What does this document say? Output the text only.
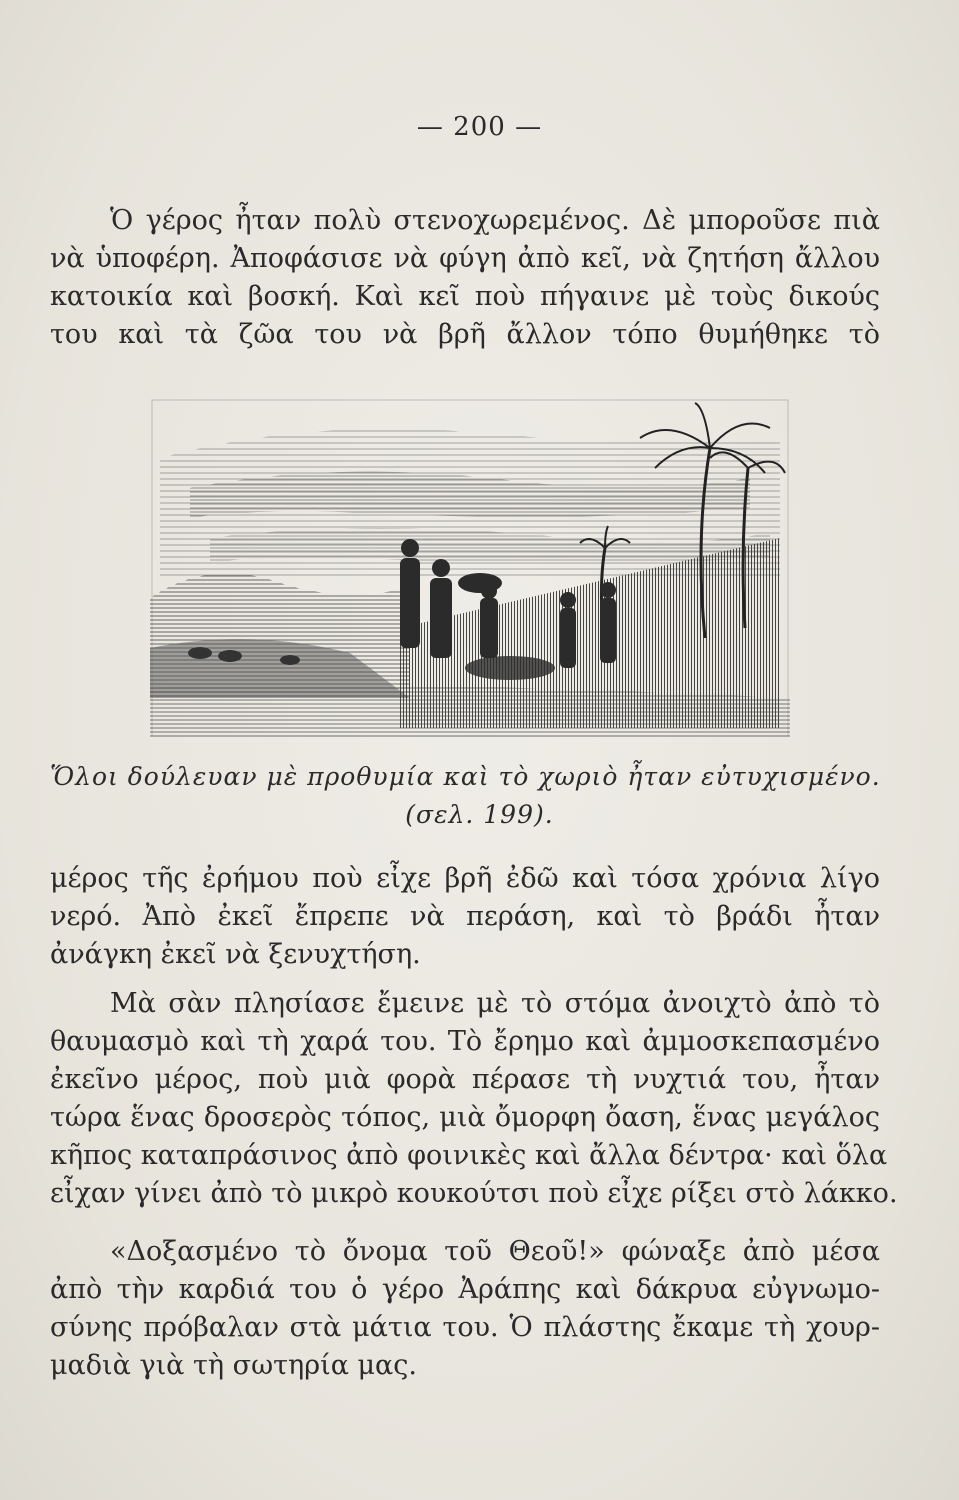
— 200 —
Ὁ γέρος ἦταν πολὺ στενοχωρεμένος. Δὲ μποροῦσε πιὰ
νὰ ὑποφέρη. Ἀποφάσισε νὰ φύγη ἀπὸ κεῖ, νὰ ζητήση ἄλλου
κατοικία καὶ βοσκή. Καὶ κεῖ ποὺ πήγαινε μὲ τοὺς δικούς
του καὶ τὰ ζῶα του νὰ βρῆ ἄλλον τόπο θυμήθηκε τὸ
Ὅλοι δούλευαν μὲ προθυμία καὶ τὸ χωριὸ ἦταν εὐτυχισμένο.
(σελ. 199).
μέρος τῆς ἐρήμου ποὺ εἶχε βρῆ ἐδῶ καὶ τόσα χρόνια λίγο
νερό. Ἀπὸ ἐκεῖ ἔπρεπε νὰ περάση, καὶ τὸ βράδι ἦταν
ἀνάγκη ἐκεῖ νὰ ξενυχτήση.
Μὰ σὰν πλησίασε ἔμεινε μὲ τὸ στόμα ἀνοιχτὸ ἀπὸ τὸ
θαυμασμὸ καὶ τὴ χαρά του. Τὸ ἔρημο καὶ ἀμμοσκεπασμένο
ἐκεῖνο μέρος, ποὺ μιὰ φορὰ πέρασε τὴ νυχτιά του, ἦταν
τώρα ἕνας δροσερὸς τόπος, μιὰ ὄμορφη ὄαση, ἕνας μεγάλος
κῆπος καταπράσινος ἀπὸ φοινικὲς καὶ ἄλλα δέντρα· καὶ ὅλα
εἶχαν γίνει ἀπὸ τὸ μικρὸ κουκούτσι ποὺ εἶχε ρίξει στὸ λάκκο.
«Δοξασμένο τὸ ὄνομα τοῦ Θεοῦ!» φώναξε ἀπὸ μέσα
ἀπὸ τὴν καρδιά του ὁ γέρο Ἀράπης καὶ δάκρυα εὐγνωμο-
σύνης πρόβαλαν στὰ μάτια του. Ὁ πλάστης ἔκαμε τὴ χουρ-
μαδιὰ γιὰ τὴ σωτηρία μας.
